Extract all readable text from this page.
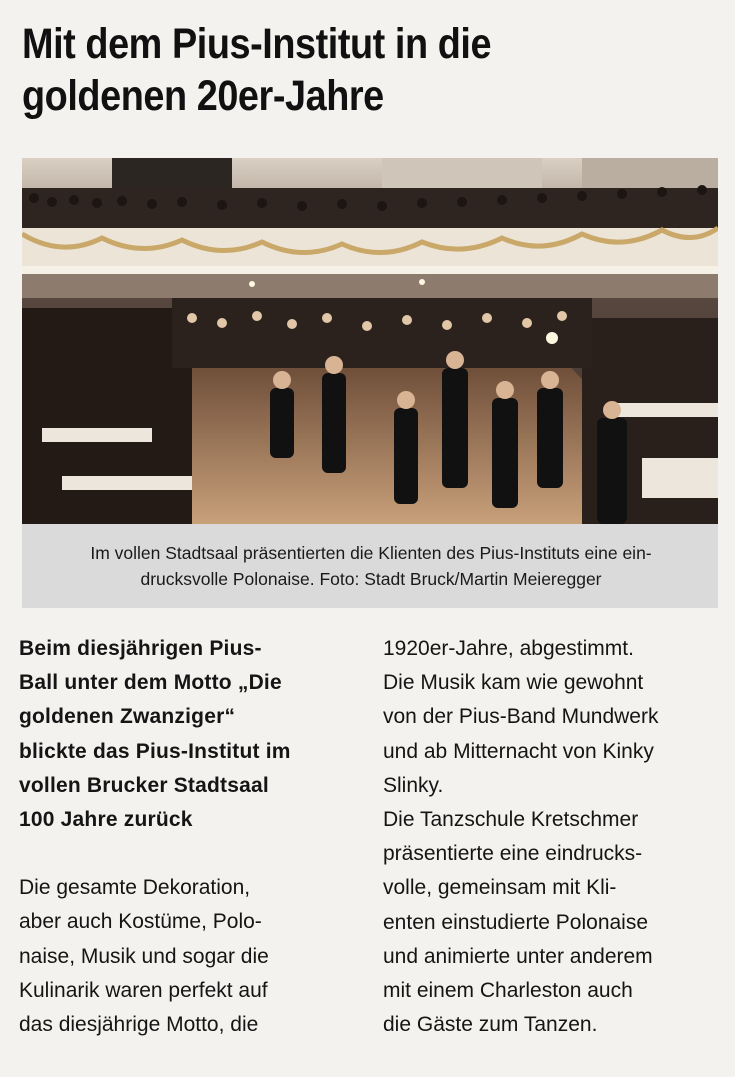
Mit dem Pius-Institut in die
goldenen 20er-Jahre

Im vollen Stadtsaal präsentierten die Klienten des Pius-Instituts eine ein-
drucksvolle Polonaise. Foto: Stadt Bruck/Martin Meieregger

Beim diesjährigen Pius-
Ball unter dem Motto „Die
goldenen Zwanziger“
blickte das Pius-Institut im
vollen Brucker Stadtsaal
100 Jahre zurück

Die gesamte Dekoration,
aber auch Kostüme, Polo-
naise, Musik und sogar die
Kulinarik waren perfekt auf
das diesjährige Motto, die

1920er-Jahre, abgestimmt.
Die Musik kam wie gewohnt
von der Pius-Band Mundwerk
und ab Mitternacht von Kinky
Slinky.

Die Tanzschule Kretschmer
präsentierte eine eindrucks-
volle, gemeinsam mit Kli-
enten einstudierte Polonaise
und animierte unter anderem
mit einem Charleston auch
die Gäste zum Tanzen.
